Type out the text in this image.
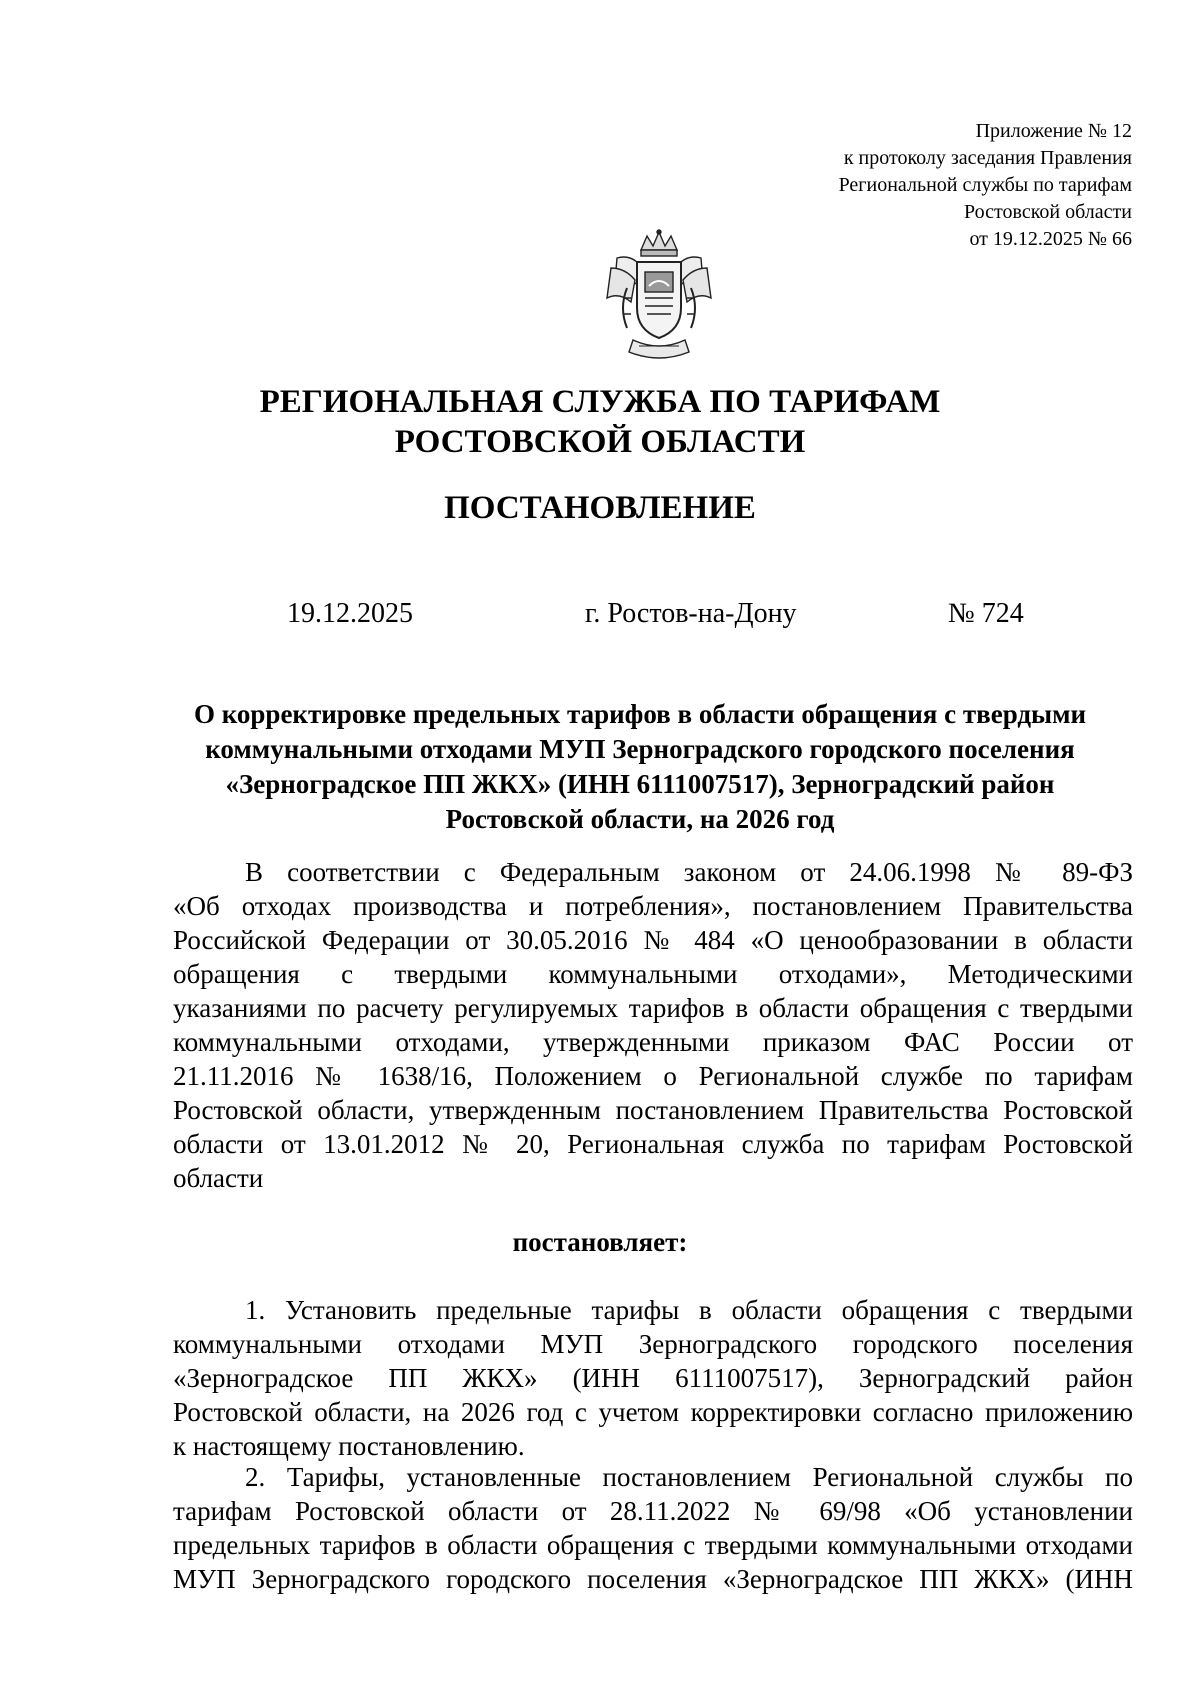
Приложение № 12
к протоколу заседания Правления
Региональной службы по тарифам
Ростовской области
от 19.12.2025 № 66
РЕГИОНАЛЬНАЯ СЛУЖБА ПО ТАРИФАМ
РОСТОВСКОЙ ОБЛАСТИ
ПОСТАНОВЛЕНИЕ
19.12.2025	г. Ростов-на-Дону	№ 724
О корректировке предельных тарифов в области обращения с твердыми
коммунальными отходами МУП Зерноградского городского поселения
«Зерноградское ПП ЖКХ» (ИНН 6111007517), Зерноградский район
Ростовской области, на 2026 год
В соответствии с Федеральным законом от 24.06.1998 № 89-ФЗ
«Об отходах производства и потребления», постановлением Правительства
Российской Федерации от 30.05.2016 № 484 «О ценообразовании в области
обращения с твердыми коммунальными отходами», Методическими
указаниями по расчету регулируемых тарифов в области обращения с твердыми
коммунальными отходами, утвержденными приказом ФАС России от
21.11.2016 № 1638/16, Положением о Региональной службе по тарифам
Ростовской области, утвержденным постановлением Правительства Ростовской
области от 13.01.2012 № 20, Региональная служба по тарифам Ростовской
области
постановляет:
1. Установить предельные тарифы в области обращения с твердыми
коммунальными отходами МУП Зерноградского городского поселения
«Зерноградское ПП ЖКХ» (ИНН 6111007517), Зерноградский район
Ростовской области, на 2026 год с учетом корректировки согласно приложению
к настоящему постановлению.
2. Тарифы, установленные постановлением Региональной службы по
тарифам Ростовской области от 28.11.2022 № 69/98 «Об установлении
предельных тарифов в области обращения с твердыми коммунальными отходами
МУП Зерноградского городского поселения «Зерноградское ПП ЖКХ» (ИНН
